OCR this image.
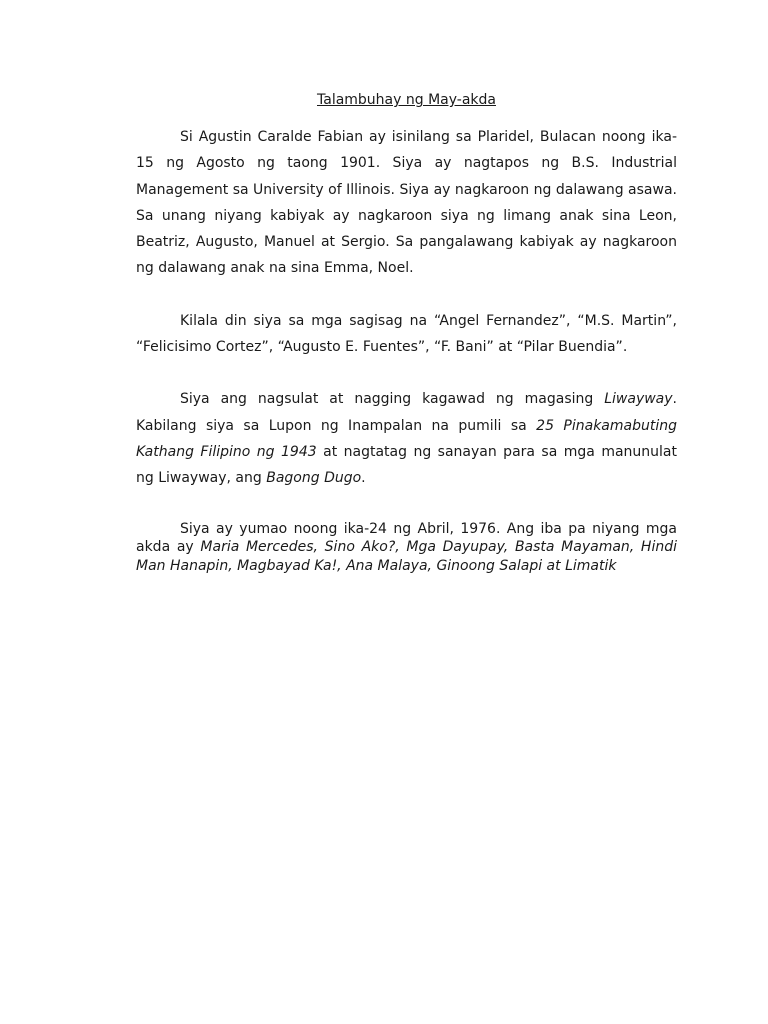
Talambuhay ng May-akda

Si Agustin Caralde Fabian ay isinilang sa Plaridel, Bulacan noong ika-15 ng Agosto ng taong 1901. Siya ay nagtapos ng B.S. Industrial Management sa University of Illinois. Siya ay nagkaroon ng dalawang asawa. Sa unang niyang kabiyak ay nagkaroon siya ng limang anak sina Leon, Beatriz, Augusto, Manuel at Sergio. Sa pangalawang kabiyak ay nagkaroon ng dalawang anak na sina Emma, Noel.

Kilala din siya sa mga sagisag na “Angel Fernandez”, “M.S. Martin”, “Felicisimo Cortez”, “Augusto E. Fuentes”, “F. Bani” at “Pilar Buendia”.

Siya ang nagsulat at nagging kagawad ng magasing Liwayway. Kabilang siya sa Lupon ng Inampalan na pumili sa 25 Pinakamabuting Kathang Filipino ng 1943 at nagtatag ng sanayan para sa mga manunulat ng Liwayway, ang Bagong Dugo.

Siya ay yumao noong ika-24 ng Abril, 1976. Ang iba pa niyang mga akda ay Maria Mercedes, Sino Ako?, Mga Dayupay, Basta Mayaman, Hindi Man Hanapin, Magbayad Ka!, Ana Malaya, Ginoong Salapi at Limatik
